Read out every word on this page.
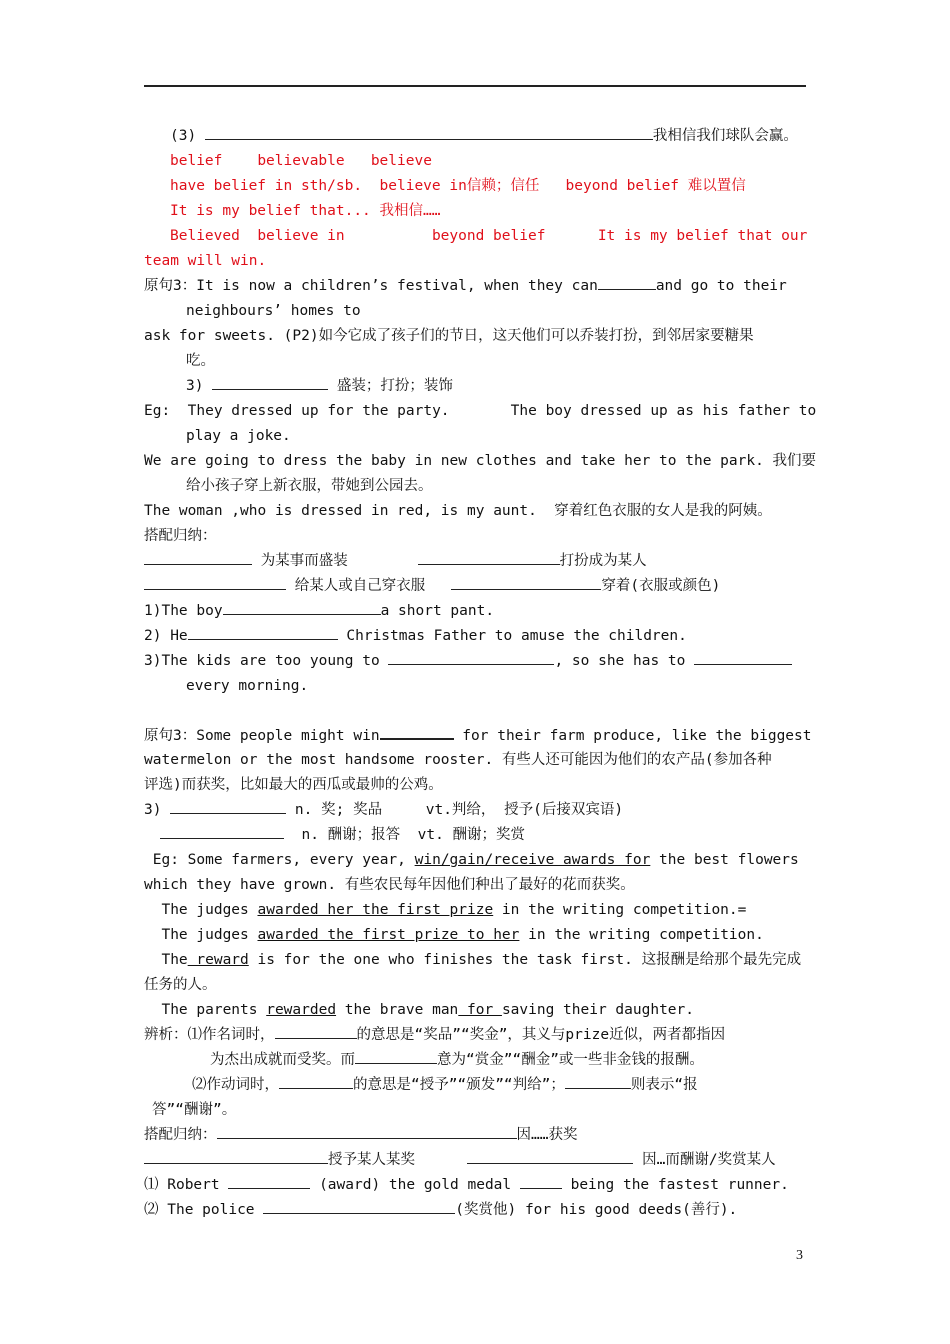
(3)	我相信我们球队会赢。
belief believable believe
have belief in sth/sb. believe in信赖；信任 beyond belief 难以置信
It is my belief that... 我相信……
Believed believe in	beyond belief	It is my belief that our
team will win.
原句3：It is now a children’s festival, when they can	and go to their
neighbours’ homes to
ask for sweets. (P2)如今它成了孩子们的节日，这天他们可以乔装打扮，到邻居家要糖果
吃。
3)	盛装；打扮；装饰
Eg:  They dressed up for the party.	The boy dressed up as his father to
play a joke.
We are going to dress the baby in new clothes and take her to the park. 我们要
给小孩子穿上新衣服，带她到公园去。
The woman ,who is dressed in red, is my aunt.  穿着红色衣服的女人是我的阿姨。
搭配归纳：
为某事而盛装	打扮成为某人
给某人或自己穿衣服	穿着(衣服或颜色)
1)The boy	a short pant.
2) He	Christmas Father to amuse the children.
3)The kids are too young to	, so she has to
every morning.
原句3：Some people might win	for their farm produce, like the biggest
watermelon or the most handsome rooster. 有些人还可能因为他们的农产品(参加各种
评选)而获奖，比如最大的西瓜或最帅的公鸡。
3)	n. 奖; 奖品     vt.判给， 授予(后接双宾语)
n. 酬谢；报答  vt. 酬谢；奖赏
Eg: Some farmers, every year, win/gain/receive awards for the best flowers
which they have grown. 有些农民每年因他们种出了最好的花而获奖。
The judges awarded her the first prize in the writing competition.=
The judges awarded the first prize to her in the writing competition.
The reward is for the one who finishes the task first. 这报酬是给那个最先完成
任务的人。
The parents rewarded the brave man for saving their daughter.
辨析：⑴作名词时，	的意思是“奖品”“奖金”，其义与prize近似，两者都指因
为杰出成就而受奖。而	意为“赏金”“酬金”或一些非金钱的报酬。
⑵作动词时，	的意思是“授予”“颁发”“判给”；	则表示“报
答”“酬谢”。
搭配归纳：	因……获奖
授予某人某奖	因…而酬谢/奖赏某人
⑴ Robert	(award) the gold medal	being the fastest runner.
⑵ The police	(奖赏他) for his good deeds(善行).
3
